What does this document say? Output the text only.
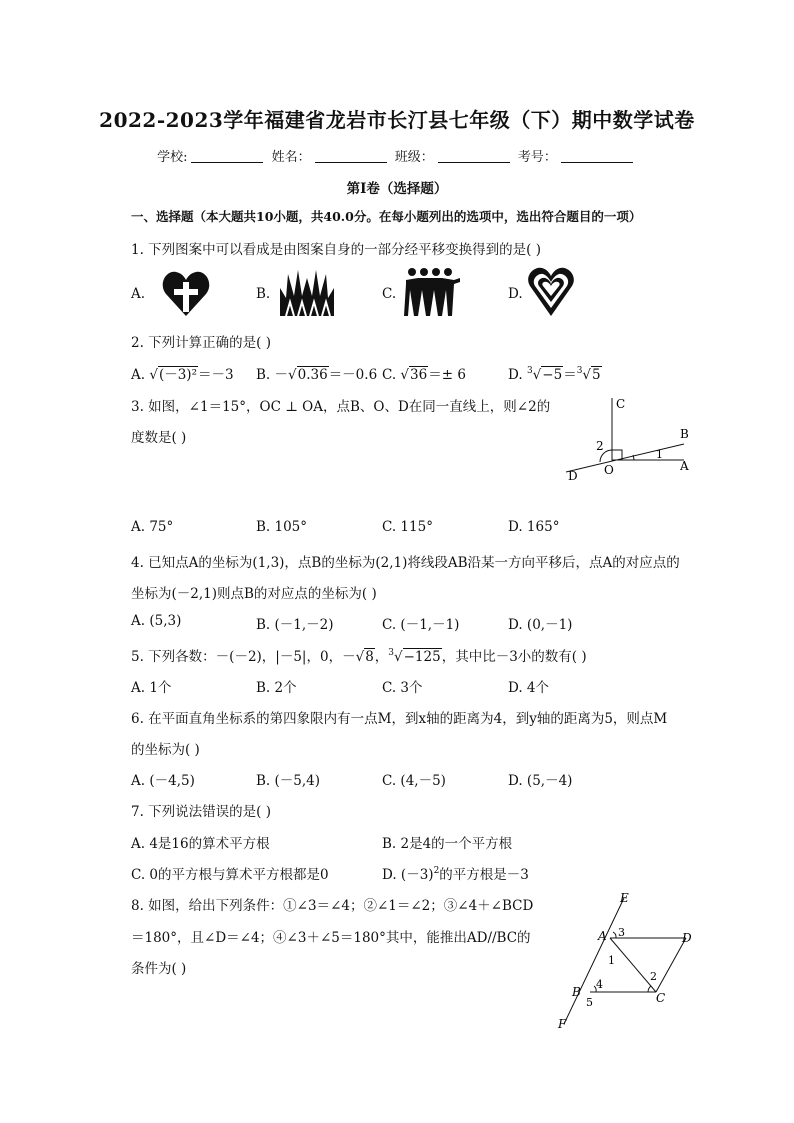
2022-2023学年福建省龙岩市长汀县七年级（下）期中数学试卷
学校:	姓名：	班级：	考号：
第Ⅰ卷（选择题）
一、选择题（本大题共10小题，共40.0分。在每小题列出的选项中，选出符合题目的一项）
1. 下列图案中可以看成是由图案自身的一部分经平移变换得到的是( )
A.	B.	C.	D.
2. 下列计算正确的是( )
A. √(－3)²＝－3 B. －√0.36＝－0.6 C. √36＝± 6	D. $^3$√−5＝$^3$√5
3. 如图，∠1＝15°，OC ⊥ OA，点B、O、D在同一直线上，则∠2的
度数是( )
C
B
A
D O
1
2
A. 75°	B. 105°	C. 115°	D. 165°
4. 已知点A的坐标为(1,3)，点B的坐标为(2,1)将线段AB沿某一方向平移后，点A的对应点的
坐标为(－2,1)则点B的对应点的坐标为( )
A. (5,3)	B. (－1,－2)	C. (－1,－1)	D. (0,－1)
5. 下列各数：－(－2)，|－5|，0，－√8，$^3$√−125，其中比－3小的数有( )
A. 1个	B. 2个	C. 3个	D. 4个
6. 在平面直角坐标系的第四象限内有一点M，到x轴的距离为4，到y轴的距离为5，则点M
的坐标为( )
A. (－4,5)	B. (－5,4)	C. (4,－5)	D. (5,－4)
7. 下列说法错误的是( )
A. 4是16的算术平方根	B. 2是4的一个平方根
C. 0的平方根与算术平方根都是0	D. $(-3)^2$的平方根是－3
8. 如图，给出下列条件：①∠3＝∠4；②∠1＝∠2；③∠4＋∠BCD
＝180°，且∠D＝∠4；④∠3＋∠5＝180°其中，能推出AD//BC的
条件为( )
E
A	D
B	C
F
1
2
3
4
5
